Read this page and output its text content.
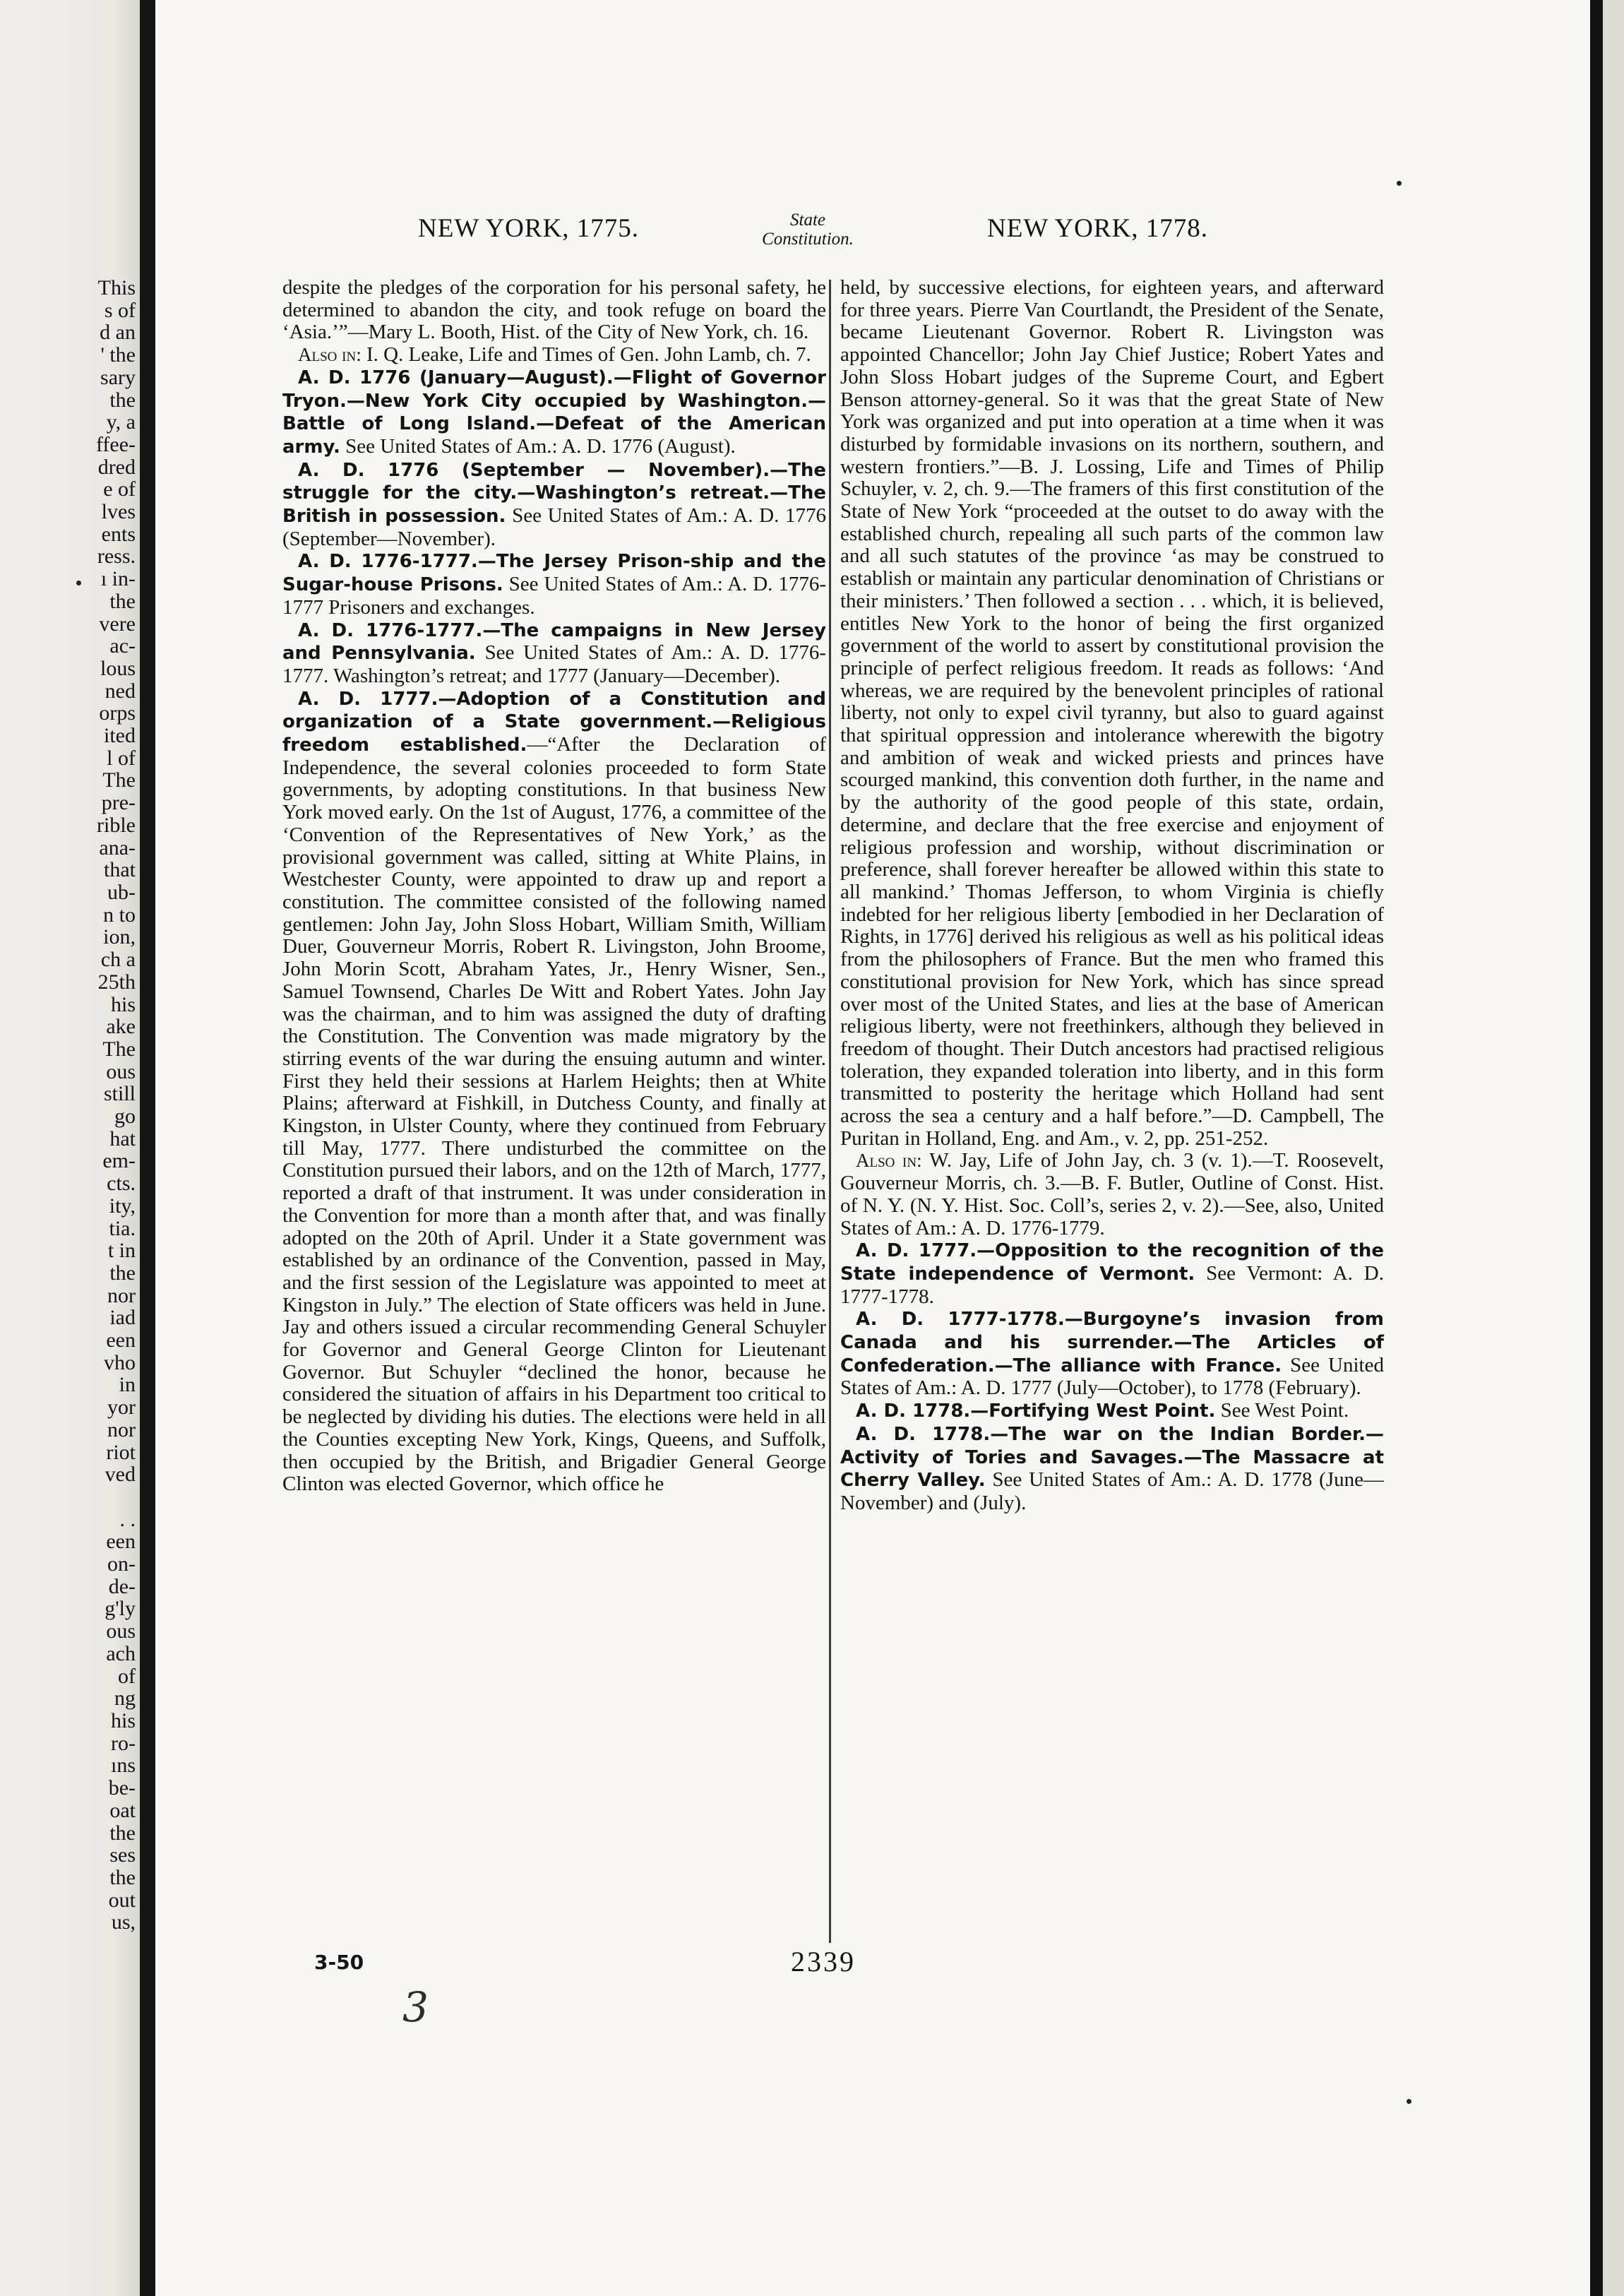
This
s of
d an
' the
sary
the
y, a
ffee-
dred
e of
lves
ents
ress.
ı in-
the
vere
ac-
lous
ned
orps
ited
l of
The
pre-
rible
ana-
that
ub-
n to
ion,
ch a
25th
his
ake
The
ous
still
go
hat
em-
cts.
ity,
tia.
t in
the
nor
iad
een
vho
in
yor
nor
riot
ved

. .
een
on-
de-
g'ly
ous
ach
of
ng
his
ro-
ıns
be-
oat
the
ses
the
out
us,
NEW YORK, 1775.	State
Constitution.	NEW YORK, 1778.

despite the pledges of the corporation for his personal safety, he determined to abandon the city, and took refuge on board the ‘Asia.’”—Mary L. Booth, Hist. of the City of New York, ch. 16.

Also in: I. Q. Leake, Life and Times of Gen. John Lamb, ch. 7.

A. D. 1776 (January—August).—Flight of Governor Tryon.—New York City occupied by Washington.—Battle of Long Island.—Defeat of the American army. See United States of Am.: A. D. 1776 (August).

A. D. 1776 (September — November).—The struggle for the city.—Washington’s retreat.—The British in possession. See United States of Am.: A. D. 1776 (September—November).

A. D. 1776-1777.—The Jersey Prison-ship and the Sugar-house Prisons. See United States of Am.: A. D. 1776-1777 Prisoners and exchanges.

A. D. 1776-1777.—The campaigns in New Jersey and Pennsylvania. See United States of Am.: A. D. 1776-1777. Washington’s retreat; and 1777 (January—December).

A. D. 1777.—Adoption of a Constitution and organization of a State government.—Religious freedom established.—“After the Declaration of Independence, the several colonies proceeded to form State governments, by adopting constitutions. In that business New York moved early. On the 1st of August, 1776, a committee of the ‘Convention of the Representatives of New York,’ as the provisional government was called, sitting at White Plains, in Westchester County, were appointed to draw up and report a constitution. The committee consisted of the following named gentlemen: John Jay, John Sloss Hobart, William Smith, William Duer, Gouverneur Morris, Robert R. Livingston, John Broome, John Morin Scott, Abraham Yates, Jr., Henry Wisner, Sen., Samuel Townsend, Charles De Witt and Robert Yates. John Jay was the chairman, and to him was assigned the duty of drafting the Constitution. The Convention was made migratory by the stirring events of the war during the ensuing autumn and winter. First they held their sessions at Harlem Heights; then at White Plains; afterward at Fishkill, in Dutchess County, and finally at Kingston, in Ulster County, where they continued from February till May, 1777. There undisturbed the committee on the Constitution pursued their labors, and on the 12th of March, 1777, reported a draft of that instrument. It was under consideration in the Convention for more than a month after that, and was finally adopted on the 20th of April. Under it a State government was established by an ordinance of the Convention, passed in May, and the first session of the Legislature was appointed to meet at Kingston in July.” The election of State officers was held in June. Jay and others issued a circular recommending General Schuyler for Governor and General George Clinton for Lieutenant Governor. But Schuyler “declined the honor, because he considered the situation of affairs in his Department too critical to be neglected by dividing his duties. The elections were held in all the Counties excepting New York, Kings, Queens, and Suffolk, then occupied by the British, and Brigadier General George Clinton was elected Governor, which office he

held, by successive elections, for eighteen years, and afterward for three years. Pierre Van Courtlandt, the President of the Senate, became Lieutenant Governor. Robert R. Livingston was appointed Chancellor; John Jay Chief Justice; Robert Yates and John Sloss Hobart judges of the Supreme Court, and Egbert Benson attorney-general. So it was that the great State of New York was organized and put into operation at a time when it was disturbed by formidable invasions on its northern, southern, and western frontiers.”—B. J. Lossing, Life and Times of Philip Schuyler, v. 2, ch. 9.—The framers of this first constitution of the State of New York “proceeded at the outset to do away with the established church, repealing all such parts of the common law and all such statutes of the province ‘as may be construed to establish or maintain any particular denomination of Christians or their ministers.’ Then followed a section . . . which, it is believed, entitles New York to the honor of being the first organized government of the world to assert by constitutional provision the principle of perfect religious freedom. It reads as follows: ‘And whereas, we are required by the benevolent principles of rational liberty, not only to expel civil tyranny, but also to guard against that spiritual oppression and intolerance wherewith the bigotry and ambition of weak and wicked priests and princes have scourged mankind, this convention doth further, in the name and by the authority of the good people of this state, ordain, determine, and declare that the free exercise and enjoyment of religious profession and worship, without discrimination or preference, shall forever hereafter be allowed within this state to all mankind.’ Thomas Jefferson, to whom Virginia is chiefly indebted for her religious liberty [embodied in her Declaration of Rights, in 1776] derived his religious as well as his political ideas from the philosophers of France. But the men who framed this constitutional provision for New York, which has since spread over most of the United States, and lies at the base of American religious liberty, were not freethinkers, although they believed in freedom of thought. Their Dutch ancestors had practised religious toleration, they expanded toleration into liberty, and in this form transmitted to posterity the heritage which Holland had sent across the sea a century and a half before.”—D. Campbell, The Puritan in Holland, Eng. and Am., v. 2, pp. 251-252.

Also in: W. Jay, Life of John Jay, ch. 3 (v. 1).—T. Roosevelt, Gouverneur Morris, ch. 3.—B. F. Butler, Outline of Const. Hist. of N. Y. (N. Y. Hist. Soc. Coll’s, series 2, v. 2).—See, also, United States of Am.: A. D. 1776-1779.

A. D. 1777.—Opposition to the recognition of the State independence of Vermont. See Vermont: A. D. 1777-1778.

A. D. 1777-1778.—Burgoyne’s invasion from Canada and his surrender.—The Articles of Confederation.—The alliance with France. See United States of Am.: A. D. 1777 (July—October), to 1778 (February).

A. D. 1778.—Fortifying West Point. See West Point.

A. D. 1778.—The war on the Indian Border.—Activity of Tories and Savages.—The Massacre at Cherry Valley. See United States of Am.: A. D. 1778 (June—November) and (July).

3-50	2339
3
